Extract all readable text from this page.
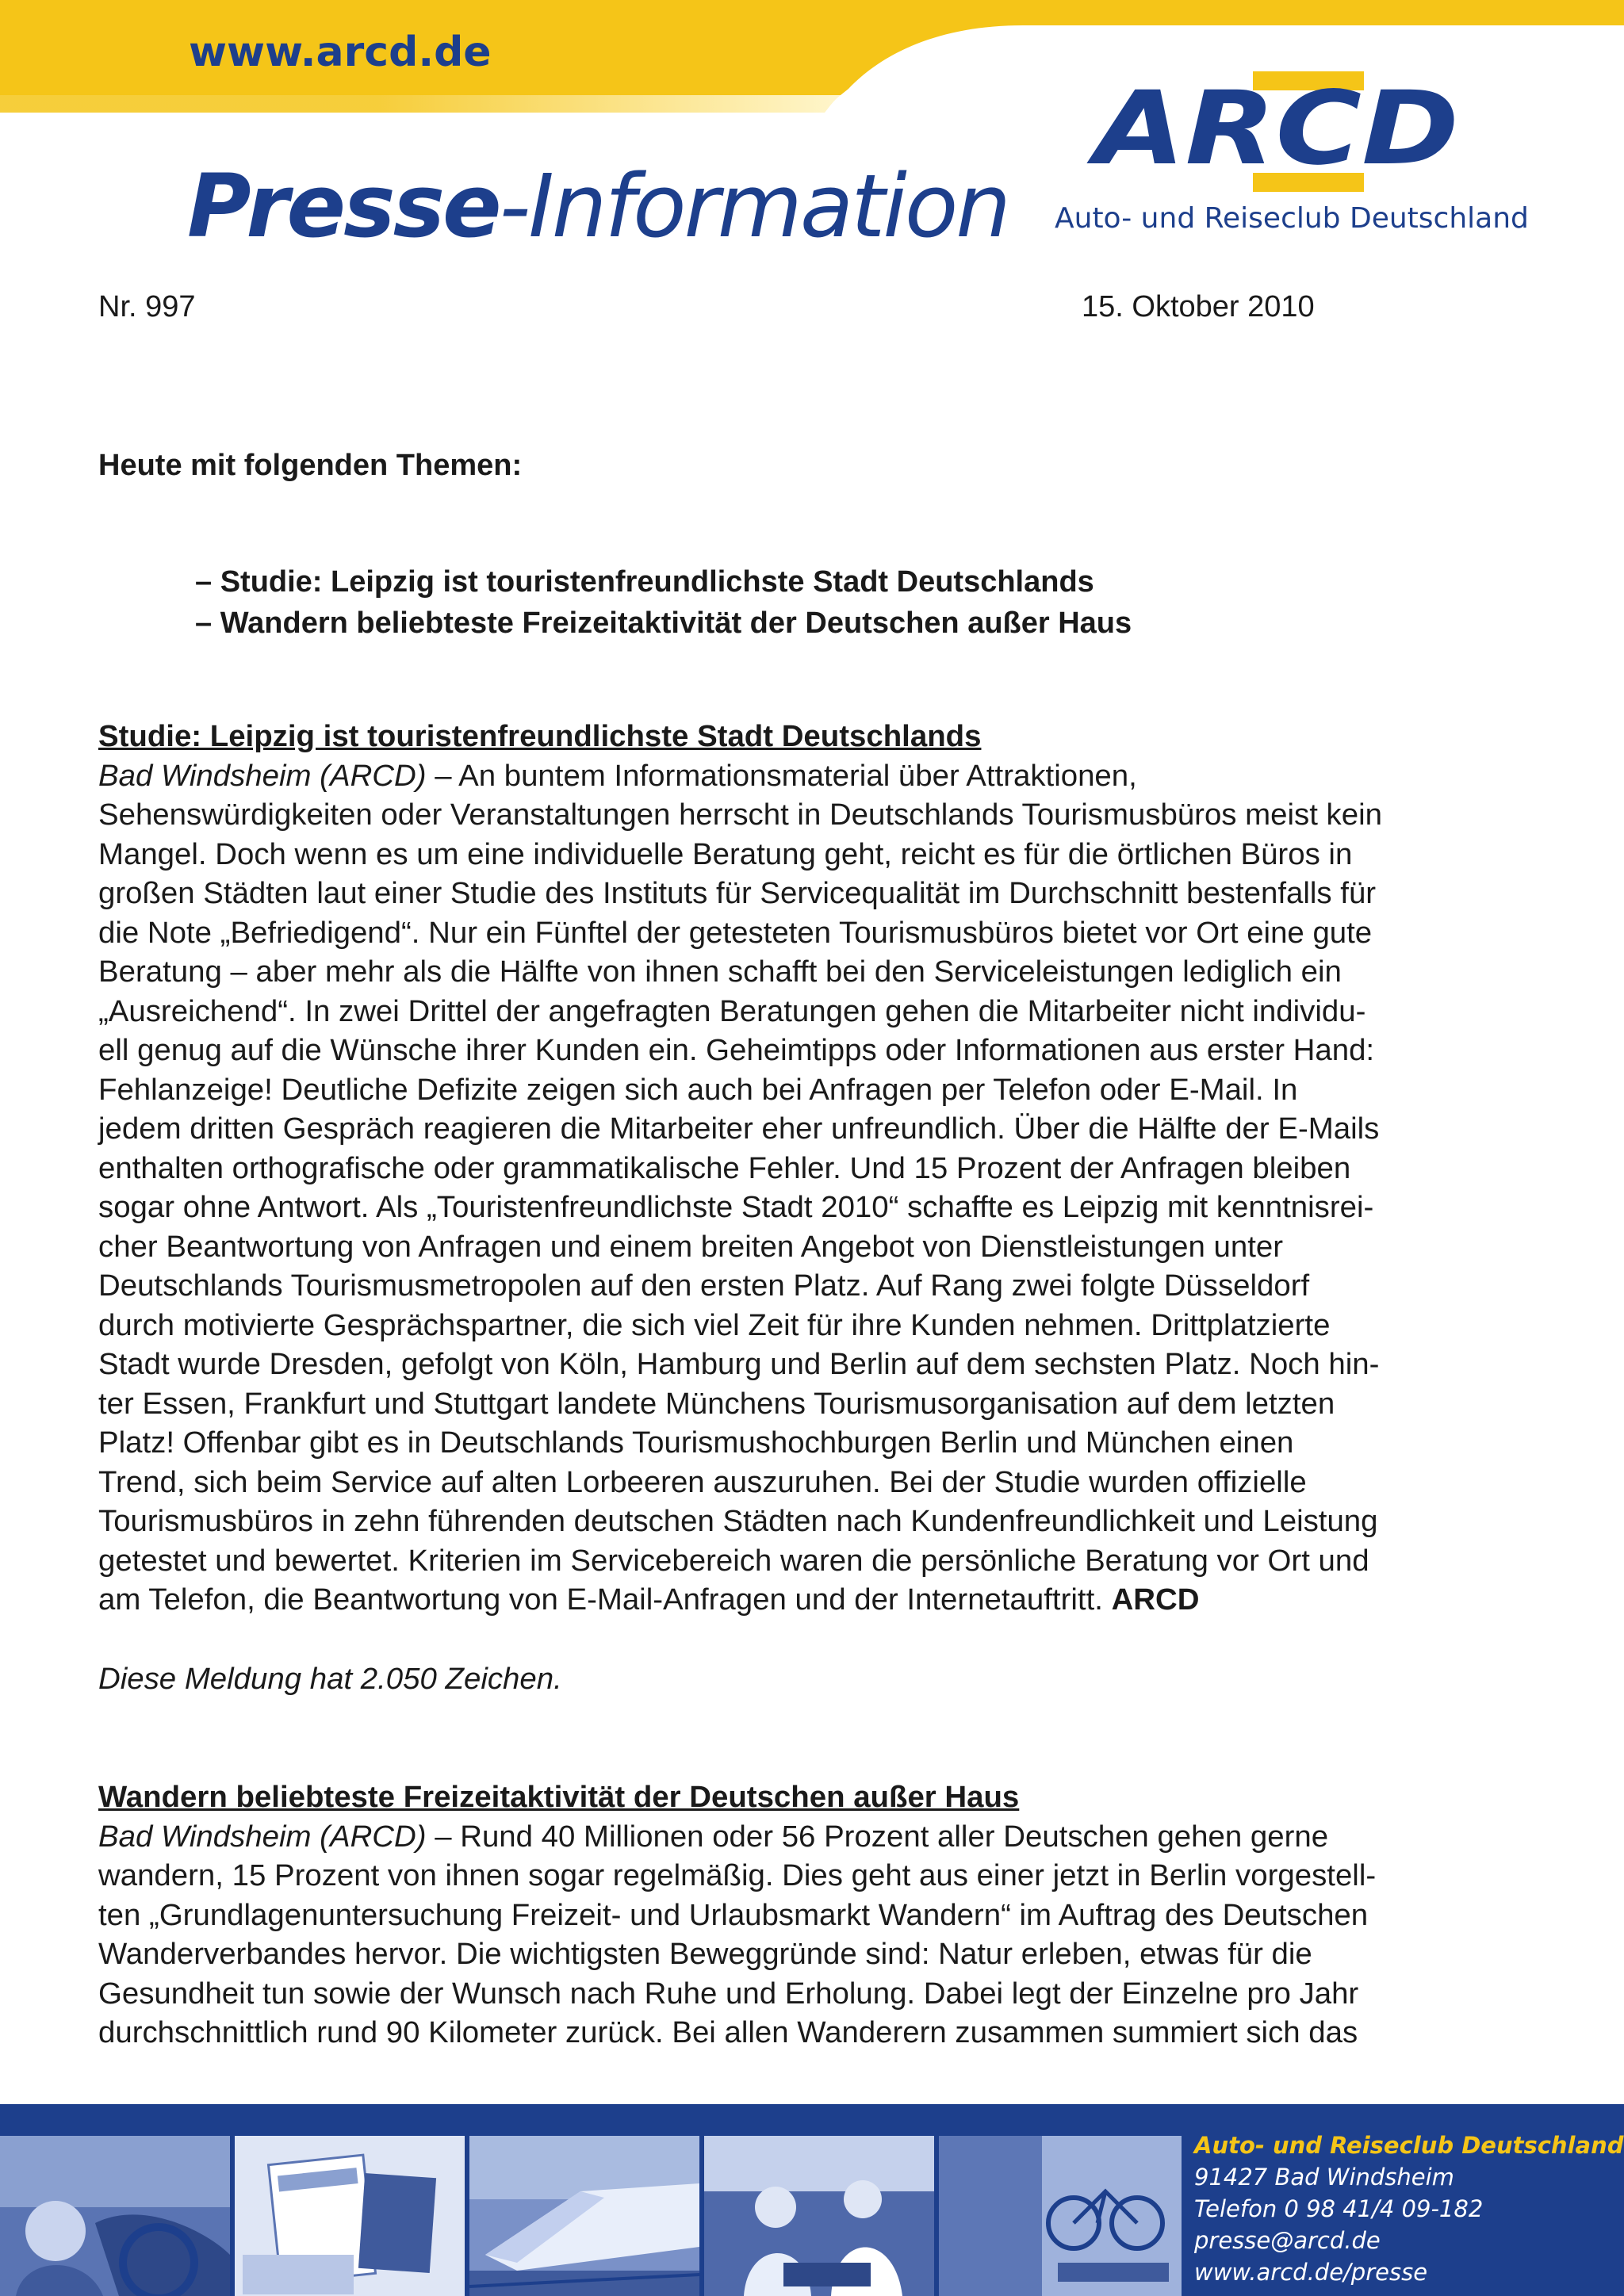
www.arcd.de
Presse-Information
ARCD
Auto- und Reiseclub Deutschland
Nr. 997	15. Oktober 2010
Heute mit folgenden Themen:
– Studie: Leipzig ist touristenfreundlichste Stadt Deutschlands
– Wandern beliebteste Freizeitaktivität der Deutschen außer Haus
Studie: Leipzig ist touristenfreundlichste Stadt Deutschlands
Bad Windsheim (ARCD) – An buntem Informationsmaterial über Attraktionen,
Sehenswürdigkeiten oder Veranstaltungen herrscht in Deutschlands Tourismusbüros meist kein
Mangel. Doch wenn es um eine individuelle Beratung geht, reicht es für die örtlichen Büros in
großen Städten laut einer Studie des Instituts für Servicequalität im Durchschnitt bestenfalls für
die Note „Befriedigend“. Nur ein Fünftel der getesteten Tourismusbüros bietet vor Ort eine gute
Beratung – aber mehr als die Hälfte von ihnen schafft bei den Serviceleistungen lediglich ein
„Ausreichend“. In zwei Drittel der angefragten Beratungen gehen die Mitarbeiter nicht individu-
ell genug auf die Wünsche ihrer Kunden ein. Geheimtipps oder Informationen aus erster Hand:
Fehlanzeige! Deutliche Defizite zeigen sich auch bei Anfragen per Telefon oder E-Mail. In
jedem dritten Gespräch reagieren die Mitarbeiter eher unfreundlich. Über die Hälfte der E-Mails
enthalten orthografische oder grammatikalische Fehler. Und 15 Prozent der Anfragen bleiben
sogar ohne Antwort. Als „Touristenfreundlichste Stadt 2010“ schaffte es Leipzig mit kenntnisrei-
cher Beantwortung von Anfragen und einem breiten Angebot von Dienstleistungen unter
Deutschlands Tourismusmetropolen auf den ersten Platz. Auf Rang zwei folgte Düsseldorf
durch motivierte Gesprächspartner, die sich viel Zeit für ihre Kunden nehmen. Drittplatzierte
Stadt wurde Dresden, gefolgt von Köln, Hamburg und Berlin auf dem sechsten Platz. Noch hin-
ter Essen, Frankfurt und Stuttgart landete Münchens Tourismusorganisation auf dem letzten
Platz! Offenbar gibt es in Deutschlands Tourismushochburgen Berlin und München einen
Trend, sich beim Service auf alten Lorbeeren auszuruhen. Bei der Studie wurden offizielle
Tourismusbüros in zehn führenden deutschen Städten nach Kundenfreundlichkeit und Leistung
getestet und bewertet. Kriterien im Servicebereich waren die persönliche Beratung vor Ort und
am Telefon, die Beantwortung von E-Mail-Anfragen und der Internetauftritt. ARCD
Diese Meldung hat 2.050 Zeichen.
Wandern beliebteste Freizeitaktivität der Deutschen außer Haus
Bad Windsheim (ARCD) – Rund 40 Millionen oder 56 Prozent aller Deutschen gehen gerne
wandern, 15 Prozent von ihnen sogar regelmäßig. Dies geht aus einer jetzt in Berlin vorgestell-
ten „Grundlagenuntersuchung Freizeit- und Urlaubsmarkt Wandern“ im Auftrag des Deutschen
Wanderverbandes hervor. Die wichtigsten Beweggründe sind: Natur erleben, etwas für die
Gesundheit tun sowie der Wunsch nach Ruhe und Erholung. Dabei legt der Einzelne pro Jahr
durchschnittlich rund 90 Kilometer zurück. Bei allen Wanderern zusammen summiert sich das
Auto- und Reiseclub Deutschland
91427 Bad Windsheim
Telefon 0 98 41/4 09-182
presse@arcd.de
www.arcd.de/presse
